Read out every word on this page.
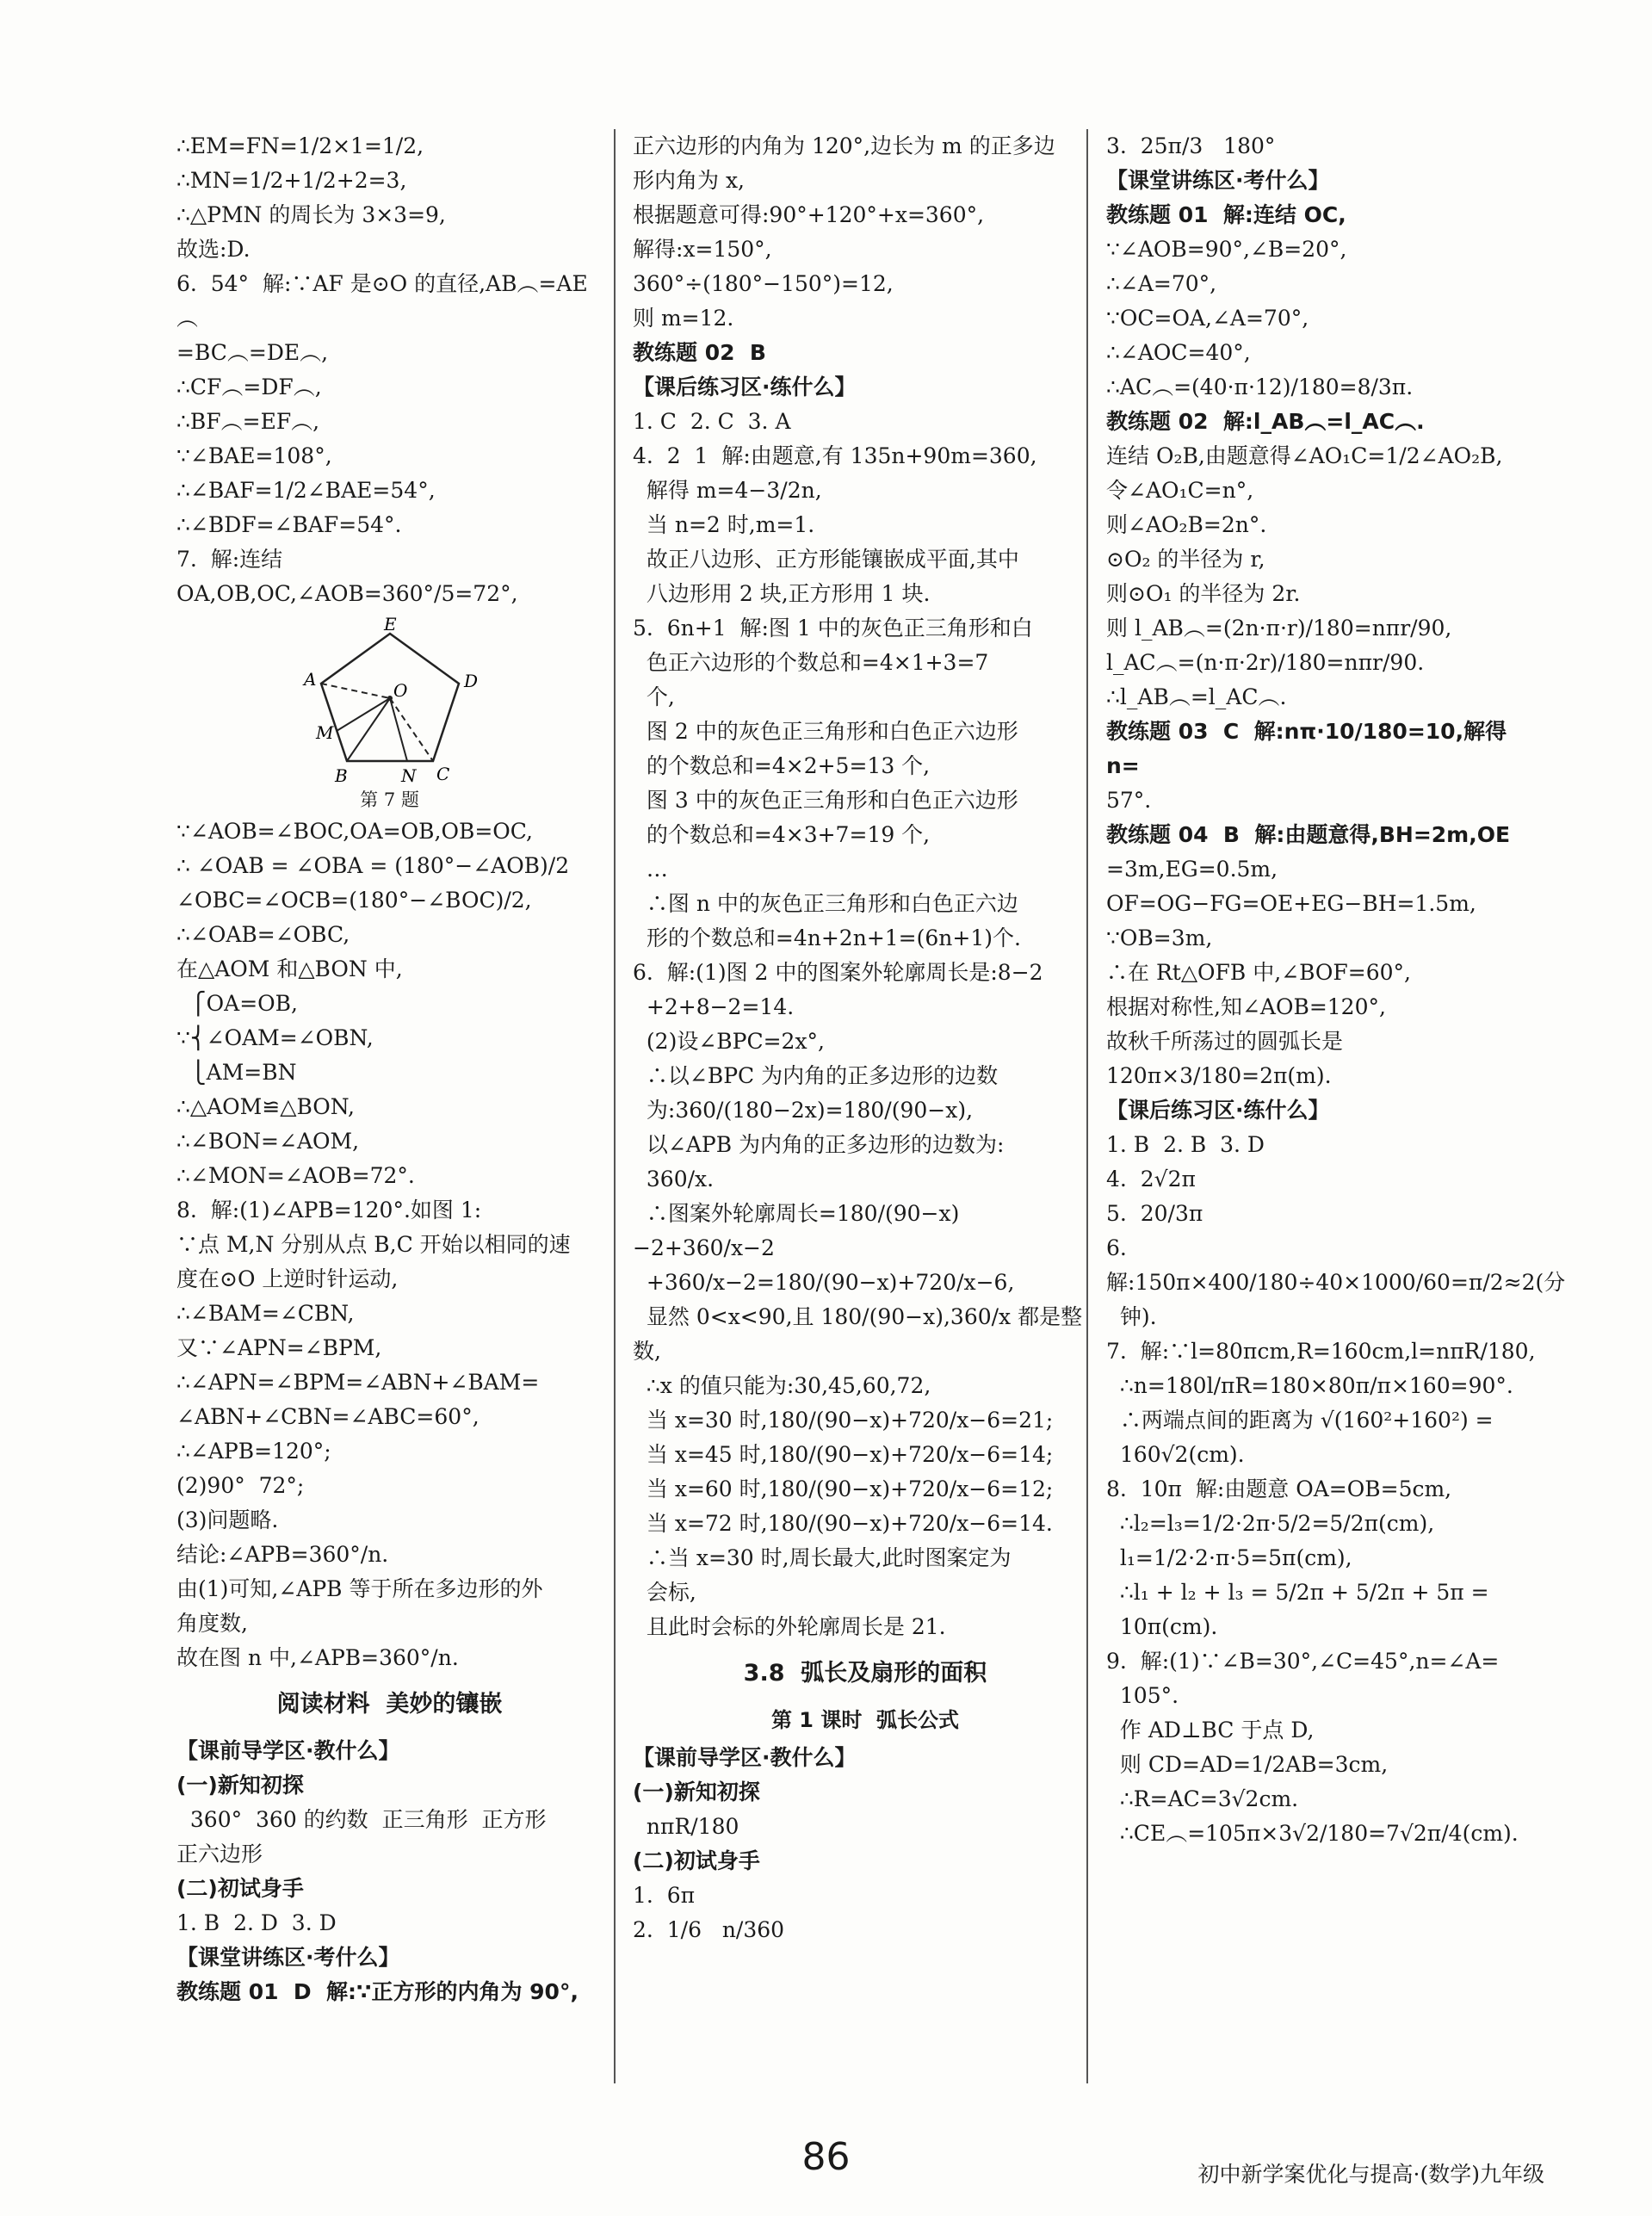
∴EM=FN=1/2×1=1/2,
∴MN=1/2+1/2+2=3,
∴△PMN 的周长为 3×3=9,
故选:D.
6.  54°  解:∵AF 是⊙O 的直径,AB︵=AE︵
=BC︵=DE︵,
∴CF︵=DF︵,
∴BF︵=EF︵,
∵∠BAE=108°,
∴∠BAF=1/2∠BAE=54°,
∴∠BDF=∠BAF=54°.
7.  解:连结 OA,OB,OC,∠AOB=360°/5=72°,
E
A
O	D
M
B	N C
第 7 题
∵∠AOB=∠BOC,OA=OB,OB=OC,
∴ ∠OAB = ∠OBA = (180°−∠AOB)/2
∠OBC=∠OCB=(180°−∠BOC)/2,
∴∠OAB=∠OBC,
在△AOM 和△BON 中,
⎧OA=OB,
∵⎨∠OAM=∠OBN,
⎩AM=BN
∴△AOM≌△BON,
∴∠BON=∠AOM,
∴∠MON=∠AOB=72°.
8.  解:(1)∠APB=120°.如图 1:
∵点 M,N 分别从点 B,C 开始以相同的速
度在⊙O 上逆时针运动,
∴∠BAM=∠CBN,
又∵∠APN=∠BPM,
∴∠APN=∠BPM=∠ABN+∠BAM=
∠ABN+∠CBN=∠ABC=60°,
∴∠APB=120°;
(2)90°  72°;
(3)问题略.
结论:∠APB=360°/n.
由(1)可知,∠APB 等于所在多边形的外
角度数,
故在图 n 中,∠APB=360°/n.
阅读材料  美妙的镶嵌
【课前导学区·教什么】
(一)新知初探
360°  360 的约数  正三角形  正方形
正六边形
(二)初试身手
1. B  2. D  3. D
【课堂讲练区·考什么】
教练题 01  D  解:∵正方形的内角为 90°,
正六边形的内角为 120°,边长为 m 的正多边
形内角为 x,
根据题意可得:90°+120°+x=360°,
解得:x=150°,
360°÷(180°−150°)=12,
则 m=12.
教练题 02  B
【课后练习区·练什么】
1. C  2. C  3. A
4.  2  1  解:由题意,有 135n+90m=360,
解得 m=4−3/2n,
当 n=2 时,m=1.
故正八边形、正方形能镶嵌成平面,其中
八边形用 2 块,正方形用 1 块.
5.  6n+1  解:图 1 中的灰色正三角形和白
色正六边形的个数总和=4×1+3=7
个,
图 2 中的灰色正三角形和白色正六边形
的个数总和=4×2+5=13 个,
图 3 中的灰色正三角形和白色正六边形
的个数总和=4×3+7=19 个,
…
∴图 n 中的灰色正三角形和白色正六边
形的个数总和=4n+2n+1=(6n+1)个.
6.  解:(1)图 2 中的图案外轮廓周长是:8−2
+2+8−2=14.
(2)设∠BPC=2x°,
∴以∠BPC 为内角的正多边形的边数
为:360/(180−2x)=180/(90−x),
以∠APB 为内角的正多边形的边数为:
360/x.
∴图案外轮廓周长=180/(90−x)−2+360/x−2
+360/x−2=180/(90−x)+720/x−6,
显然 0<x<90,且 180/(90−x),360/x 都是整数,
∴x 的值只能为:30,45,60,72,
当 x=30 时,180/(90−x)+720/x−6=21;
当 x=45 时,180/(90−x)+720/x−6=14;
当 x=60 时,180/(90−x)+720/x−6=12;
当 x=72 时,180/(90−x)+720/x−6=14.
∴当 x=30 时,周长最大,此时图案定为
会标,
且此时会标的外轮廓周长是 21.
3.8  弧长及扇形的面积
第 1 课时  弧长公式
【课前导学区·教什么】
(一)新知初探
nπR/180
(二)初试身手
1.  6π
2.  1/6   n/360
3.  25π/3   180°
【课堂讲练区·考什么】
教练题 01  解:连结 OC,
∵∠AOB=90°,∠B=20°,
∴∠A=70°,
∵OC=OA,∠A=70°,
∴∠AOC=40°,
∴AC︵=(40·π·12)/180=8/3π.
教练题 02  解:l_AB︵=l_AC︵.
连结 O₂B,由题意得∠AO₁C=1/2∠AO₂B,
令∠AO₁C=n°,
则∠AO₂B=2n°.
⊙O₂ 的半径为 r,
则⊙O₁ 的半径为 2r.
则 l_AB︵=(2n·π·r)/180=nπr/90,
l_AC︵=(n·π·2r)/180=nπr/90.
∴l_AB︵=l_AC︵.
教练题 03  C  解:nπ·10/180=10,解得 n=
57°.
教练题 04  B  解:由题意得,BH=2m,OE
=3m,EG=0.5m,
OF=OG−FG=OE+EG−BH=1.5m,
∵OB=3m,
∴在 Rt△OFB 中,∠BOF=60°,
根据对称性,知∠AOB=120°,
故秋千所荡过的圆弧长是120π×3/180=2π(m).
【课后练习区·练什么】
1. B  2. B  3. D
4.  2√2π
5.  20/3π
6.  解:150π×400/180÷40×1000/60=π/2≈2(分
钟).
7.  解:∵l=80πcm,R=160cm,l=nπR/180,
∴n=180l/πR=180×80π/π×160=90°.
∴两端点间的距离为 √(160²+160²) =
160√2(cm).
8.  10π  解:由题意 OA=OB=5cm,
∴l₂=l₃=1/2·2π·5/2=5/2π(cm),
l₁=1/2·2·π·5=5π(cm),
∴l₁ + l₂ + l₃ = 5/2π + 5/2π + 5π =
10π(cm).
9.  解:(1)∵∠B=30°,∠C=45°,n=∠A=
105°.
作 AD⊥BC 于点 D,
则 CD=AD=1/2AB=3cm,
∴R=AC=3√2cm.
∴CE︵=105π×3√2/180=7√2π/4(cm).
86	初中新学案优化与提高·(数学)九年级
